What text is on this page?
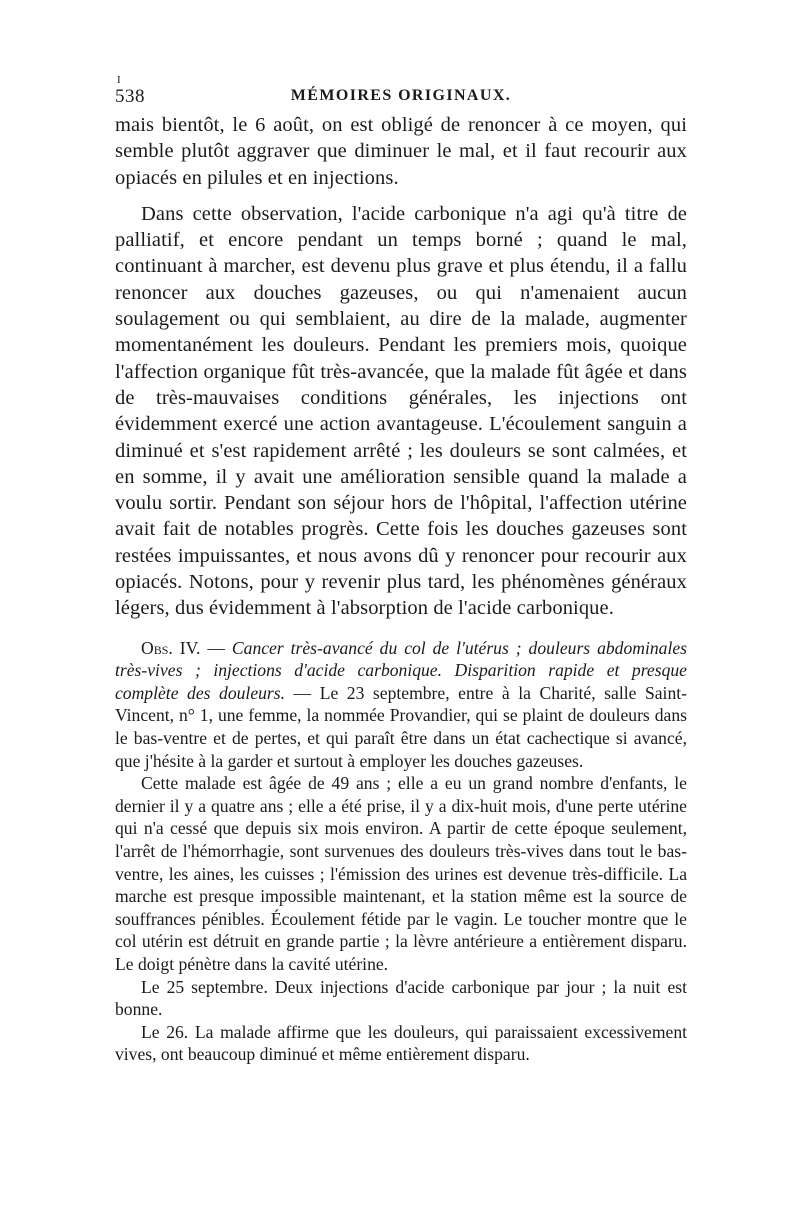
I
538	MÉMOIRES ORIGINAUX.

mais bientôt, le 6 août, on est obligé de renoncer à ce moyen, qui semble plutôt aggraver que diminuer le mal, et il faut recourir aux opiacés en pilules et en injections.

Dans cette observation, l'acide carbonique n'a agi qu'à titre de palliatif, et encore pendant un temps borné ; quand le mal, continuant à marcher, est devenu plus grave et plus étendu, il a fallu renoncer aux douches gazeuses, ou qui n'amenaient aucun soulagement ou qui semblaient, au dire de la malade, augmenter momentanément les douleurs. Pendant les premiers mois, quoique l'affection organique fût très-avancée, que la malade fût âgée et dans de très-mauvaises conditions générales, les injections ont évidemment exercé une action avantageuse. L'écoulement sanguin a diminué et s'est rapidement arrêté ; les douleurs se sont calmées, et en somme, il y avait une amélioration sensible quand la malade a voulu sortir. Pendant son séjour hors de l'hôpital, l'affection utérine avait fait de notables progrès. Cette fois les douches gazeuses sont restées impuissantes, et nous avons dû y renoncer pour recourir aux opiacés. Notons, pour y revenir plus tard, les phénomènes généraux légers, dus évidemment à l'absorption de l'acide carbonique.

Obs. IV. — Cancer très-avancé du col de l'utérus ; douleurs abdominales très-vives ; injections d'acide carbonique. Disparition rapide et presque complète des douleurs. — Le 23 septembre, entre à la Charité, salle Saint-Vincent, n° 1, une femme, la nommée Provandier, qui se plaint de douleurs dans le bas-ventre et de pertes, et qui paraît être dans un état cachectique si avancé, que j'hésite à la garder et surtout à employer les douches gazeuses.

Cette malade est âgée de 49 ans ; elle a eu un grand nombre d'enfants, le dernier il y a quatre ans ; elle a été prise, il y a dix-huit mois, d'une perte utérine qui n'a cessé que depuis six mois environ. A partir de cette époque seulement, l'arrêt de l'hémorrhagie, sont survenues des douleurs très-vives dans tout le bas-ventre, les aines, les cuisses ; l'émission des urines est devenue très-difficile. La marche est presque impossible maintenant, et la station même est la source de souffrances pénibles. Écoulement fétide par le vagin. Le toucher montre que le col utérin est détruit en grande partie ; la lèvre antérieure a entièrement disparu. Le doigt pénètre dans la cavité utérine.

Le 25 septembre. Deux injections d'acide carbonique par jour ; la nuit est bonne.

Le 26. La malade affirme que les douleurs, qui paraissaient excessivement vives, ont beaucoup diminué et même entièrement disparu.
